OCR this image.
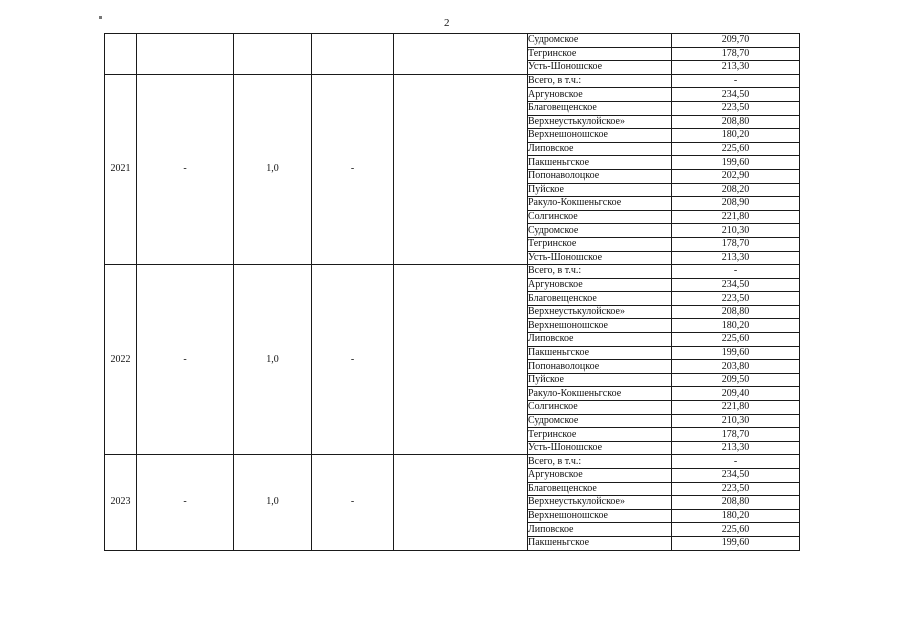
2
					Судромское	209,70	
					Тегринское	178,70	
					Усть-Шоношское	213,30	
2021	-	1,0	-		Всего, в т.ч.:	-	
					Аргуновское	234,50	
					Благовещенское	223,50	
					Верхнеустькулойское»	208,80	
					Верхнешоношское	180,20	
					Липовское	225,60	
					Пакшеньгское	199,60	
					Попонаволоцкое	202,90	
					Пуйское	208,20	
					Ракуло-Кокшеньгское	208,90	
					Солгинское	221,80	
					Судромское	210,30	
					Тегринское	178,70	
					Усть-Шоношское	213,30	
2022	-	1,0	-		Всего, в т.ч.:	-	
					Аргуновское	234,50	
					Благовещенское	223,50	
					Верхнеустькулойское»	208,80	
					Верхнешоношское	180,20	
					Липовское	225,60	
					Пакшеньгское	199,60	
					Попонаволоцкое	203,80	
					Пуйское	209,50	
					Ракуло-Кокшеньгское	209,40	
					Солгинское	221,80	
					Судромское	210,30	
					Тегринское	178,70	
					Усть-Шоношское	213,30	
2023	-	1,0	-		Всего, в т.ч.:	-	
					Аргуновское	234,50	
					Благовещенское	223,50	
					Верхнеустькулойское»	208,80	
					Верхнешоношское	180,20	
					Липовское	225,60	
					Пакшеньгское	199,60	
